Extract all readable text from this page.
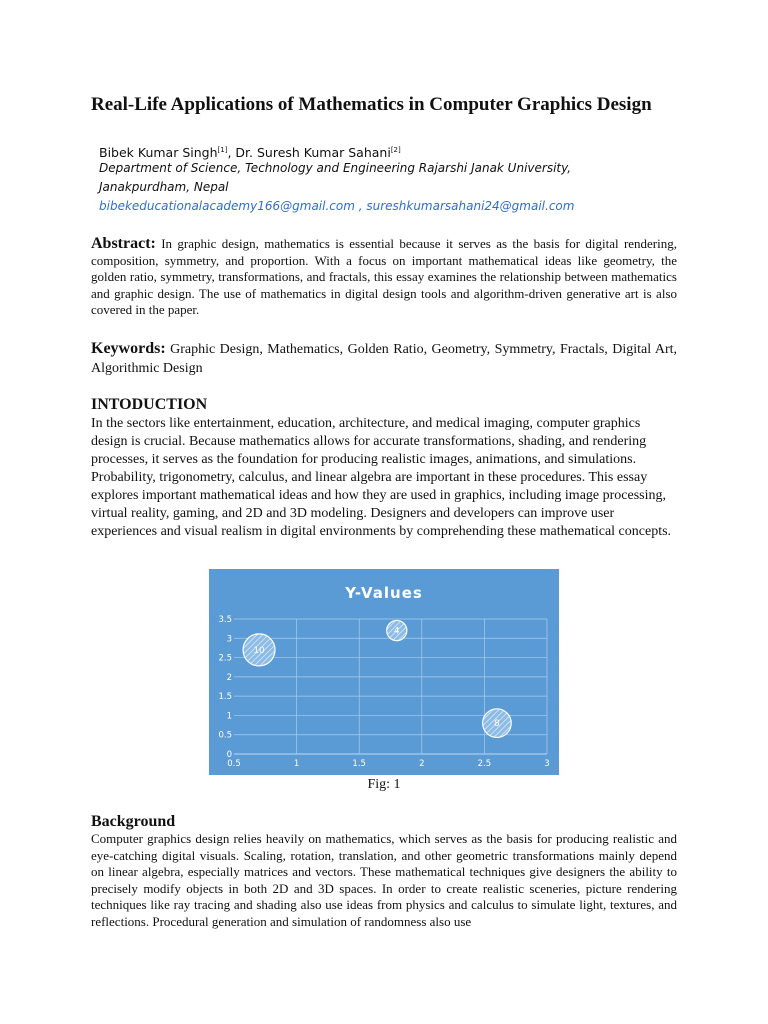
Real-Life Applications of Mathematics in Computer Graphics Design
Bibek Kumar Singh[1], Dr. Suresh Kumar Sahani[2]
Department of Science, Technology and Engineering Rajarshi Janak University, Janakpurdham, Nepal
bibekeducationalacademy166@gmail.com , sureshkumarsahani24@gmail.com

Abstract: In graphic design, mathematics is essential because it serves as the basis for digital rendering, composition, symmetry, and proportion. With a focus on important mathematical ideas like geometry, the golden ratio, symmetry, transformations, and fractals, this essay examines the relationship between mathematics and graphic design. The use of mathematics in digital design tools and algorithm-driven generative art is also covered in the paper.

Keywords: Graphic Design, Mathematics, Golden Ratio, Geometry, Symmetry, Fractals, Digital Art, Algorithmic Design

INTODUCTION

In the sectors like entertainment, education, architecture, and medical imaging, computer graphics design is crucial. Because mathematics allows for accurate transformations, shading, and rendering processes, it serves as the foundation for producing realistic images, animations, and simulations. Probability, trigonometry, calculus, and linear algebra are important in these procedures. This essay explores important mathematical ideas and how they are used in graphics, including image processing, virtual reality, gaming, and 2D and 3D modeling. Designers and developers can improve user experiences and visual realism in digital environments by comprehending these mathematical concepts.

Y-Values
0
0.5
1
1.5
2
2.5
3
3.5
0.5	1	1.5	2	2.5	3
10
4
8

Fig: 1

Background

Computer graphics design relies heavily on mathematics, which serves as the basis for producing realistic and eye-catching digital visuals. Scaling, rotation, translation, and other geometric transformations mainly depend on linear algebra, especially matrices and vectors. These mathematical techniques give designers the ability to precisely modify objects in both 2D and 3D spaces. In order to create realistic sceneries, picture rendering techniques like ray tracing and shading also use ideas from physics and calculus to simulate light, textures, and reflections. Procedural generation and simulation of randomness also use
